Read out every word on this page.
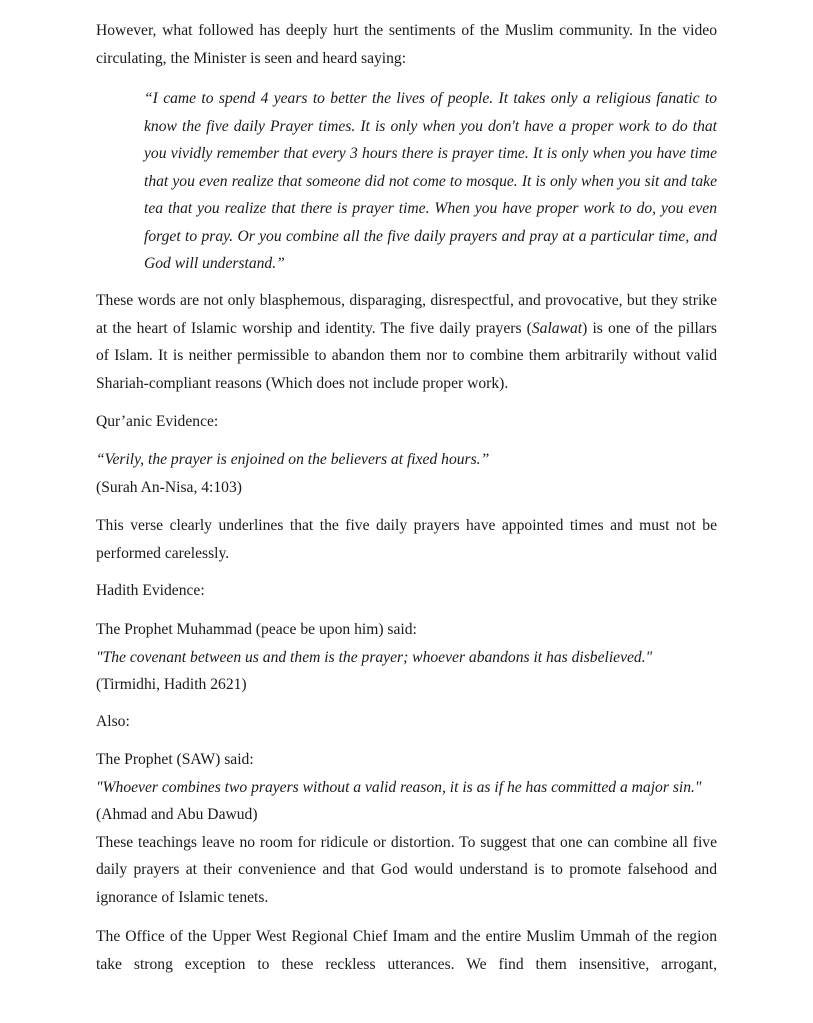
However, what followed has deeply hurt the sentiments of the Muslim community. In the video
circulating, the Minister is seen and heard saying:
“I came to spend 4 years to better the lives of people. It takes only a religious fanatic to
know the five daily Prayer times. It is only when you don't have a proper work to do that
you vividly remember that every 3 hours there is prayer time. It is only when you have time
that you even realize that someone did not come to mosque. It is only when you sit and take
tea that you realize that there is prayer time. When you have proper work to do, you even
forget to pray. Or you combine all the five daily prayers and pray at a particular time, and
God will understand.”
These words are not only blasphemous, disparaging, disrespectful, and provocative, but they strike
at the heart of Islamic worship and identity. The five daily prayers (Salawat) is one of the pillars
of Islam. It is neither permissible to abandon them nor to combine them arbitrarily without valid
Shariah-compliant reasons (Which does not include proper work).
Qur’anic Evidence:
“Verily, the prayer is enjoined on the believers at fixed hours.”
(Surah An-Nisa, 4:103)
This verse clearly underlines that the five daily prayers have appointed times and must not be
performed carelessly.
Hadith Evidence:
The Prophet Muhammad (peace be upon him) said:
"The covenant between us and them is the prayer; whoever abandons it has disbelieved."
(Tirmidhi, Hadith 2621)
Also:
The Prophet (SAW) said:
"Whoever combines two prayers without a valid reason, it is as if he has committed a major sin."
(Ahmad and Abu Dawud)
These teachings leave no room for ridicule or distortion. To suggest that one can combine all five
daily prayers at their convenience and that God would understand is to promote falsehood and
ignorance of Islamic tenets.
The Office of the Upper West Regional Chief Imam and the entire Muslim Ummah of the region
take strong exception to these reckless utterances. We find them insensitive, arrogant,
